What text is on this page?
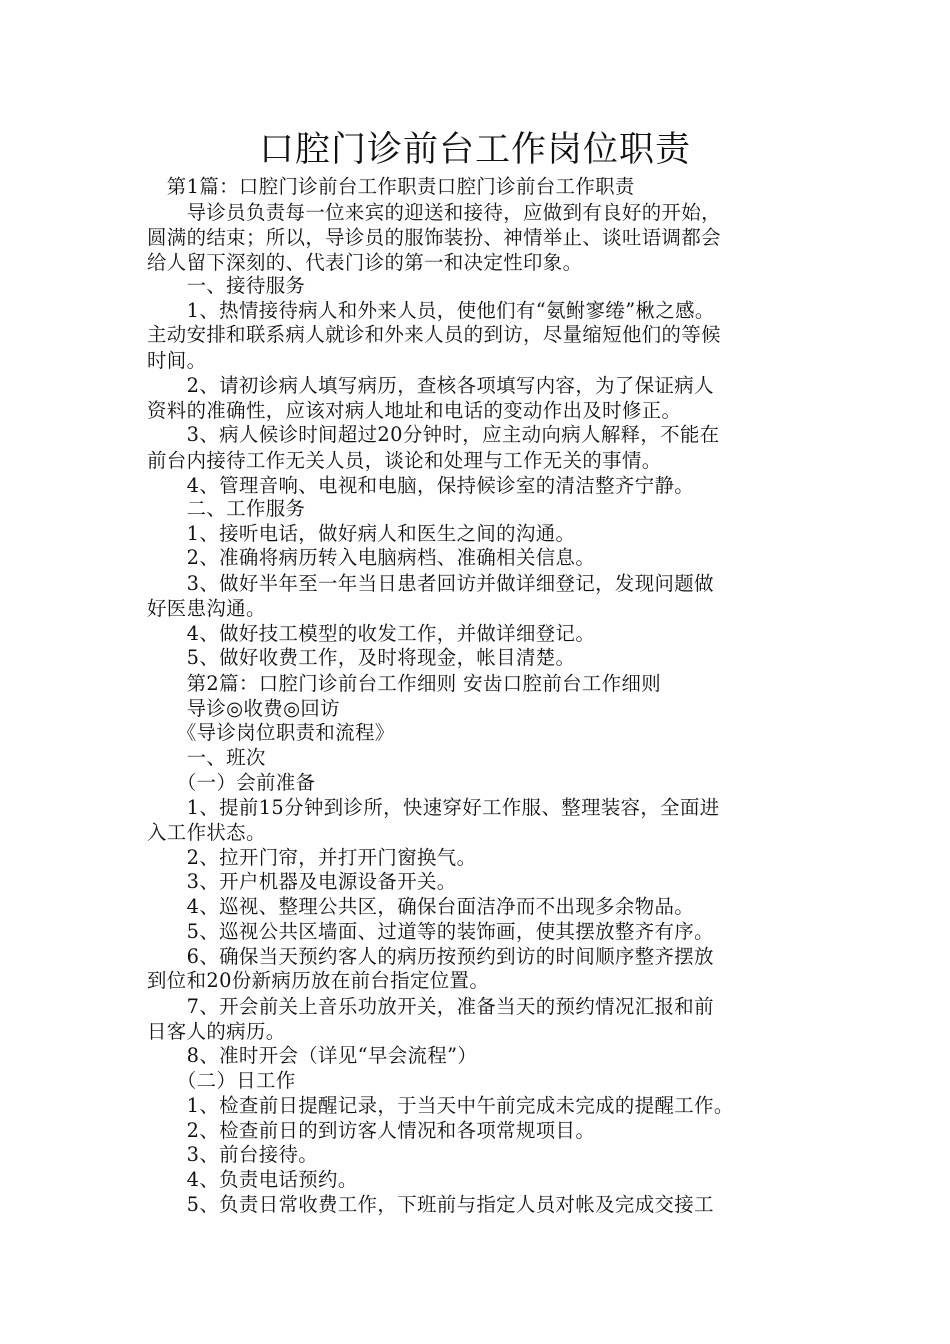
口腔门诊前台工作岗位职责
　第1篇：口腔门诊前台工作职责口腔门诊前台工作职责
　　导诊员负责每一位来宾的迎送和接待，应做到有良好的开始，
圆满的结束；所以，导诊员的服饰装扮、神情举止、谈吐语调都会
给人留下深刻的、代表门诊的第一和决定性印象。
　　一、接待服务
　　1、热情接待病人和外来人员，使他们有“氨鲋寥绻”楸之感。
主动安排和联系病人就诊和外来人员的到访，尽量缩短他们的等候
时间。
　　2、请初诊病人填写病历，查核各项填写内容，为了保证病人
资料的准确性，应该对病人地址和电话的变动作出及时修正。
　　3、病人候诊时间超过20分钟时，应主动向病人解释，不能在
前台内接待工作无关人员，谈论和处理与工作无关的事情。
　　4、管理音响、电视和电脑，保持候诊室的清洁整齐宁静。
　　二、工作服务
　　1、接听电话，做好病人和医生之间的沟通。
　　2、准确将病历转入电脑病档、准确相关信息。
　　3、做好半年至一年当日患者回访并做详细登记，发现问题做
好医患沟通。
　　4、做好技工模型的收发工作，并做详细登记。
　　5、做好收费工作，及时将现金，帐目清楚。
　　第2篇：口腔门诊前台工作细则 安齿口腔前台工作细则
　　导诊◎收费◎回访
　　《导诊岗位职责和流程》
　　一、班次
　　（一）会前准备
　　1、提前15分钟到诊所，快速穿好工作服、整理装容，全面进
入工作状态。
　　2、拉开门帘，并打开门窗换气。
　　3、开户机器及电源设备开关。
　　4、巡视、整理公共区，确保台面洁净而不出现多余物品。
　　5、巡视公共区墙面、过道等的装饰画，使其摆放整齐有序。
　　6、确保当天预约客人的病历按预约到访的时间顺序整齐摆放
到位和20份新病历放在前台指定位置。
　　7、开会前关上音乐功放开关，准备当天的预约情况汇报和前
日客人的病历。
　　8、准时开会（详见“早会流程”）
　　（二）日工作
　　1、检查前日提醒记录，于当天中午前完成未完成的提醒工作。
　　2、检查前日的到访客人情况和各项常规项目。
　　3、前台接待。
　　4、负责电话预约。
　　5、负责日常收费工作，下班前与指定人员对帐及完成交接工
